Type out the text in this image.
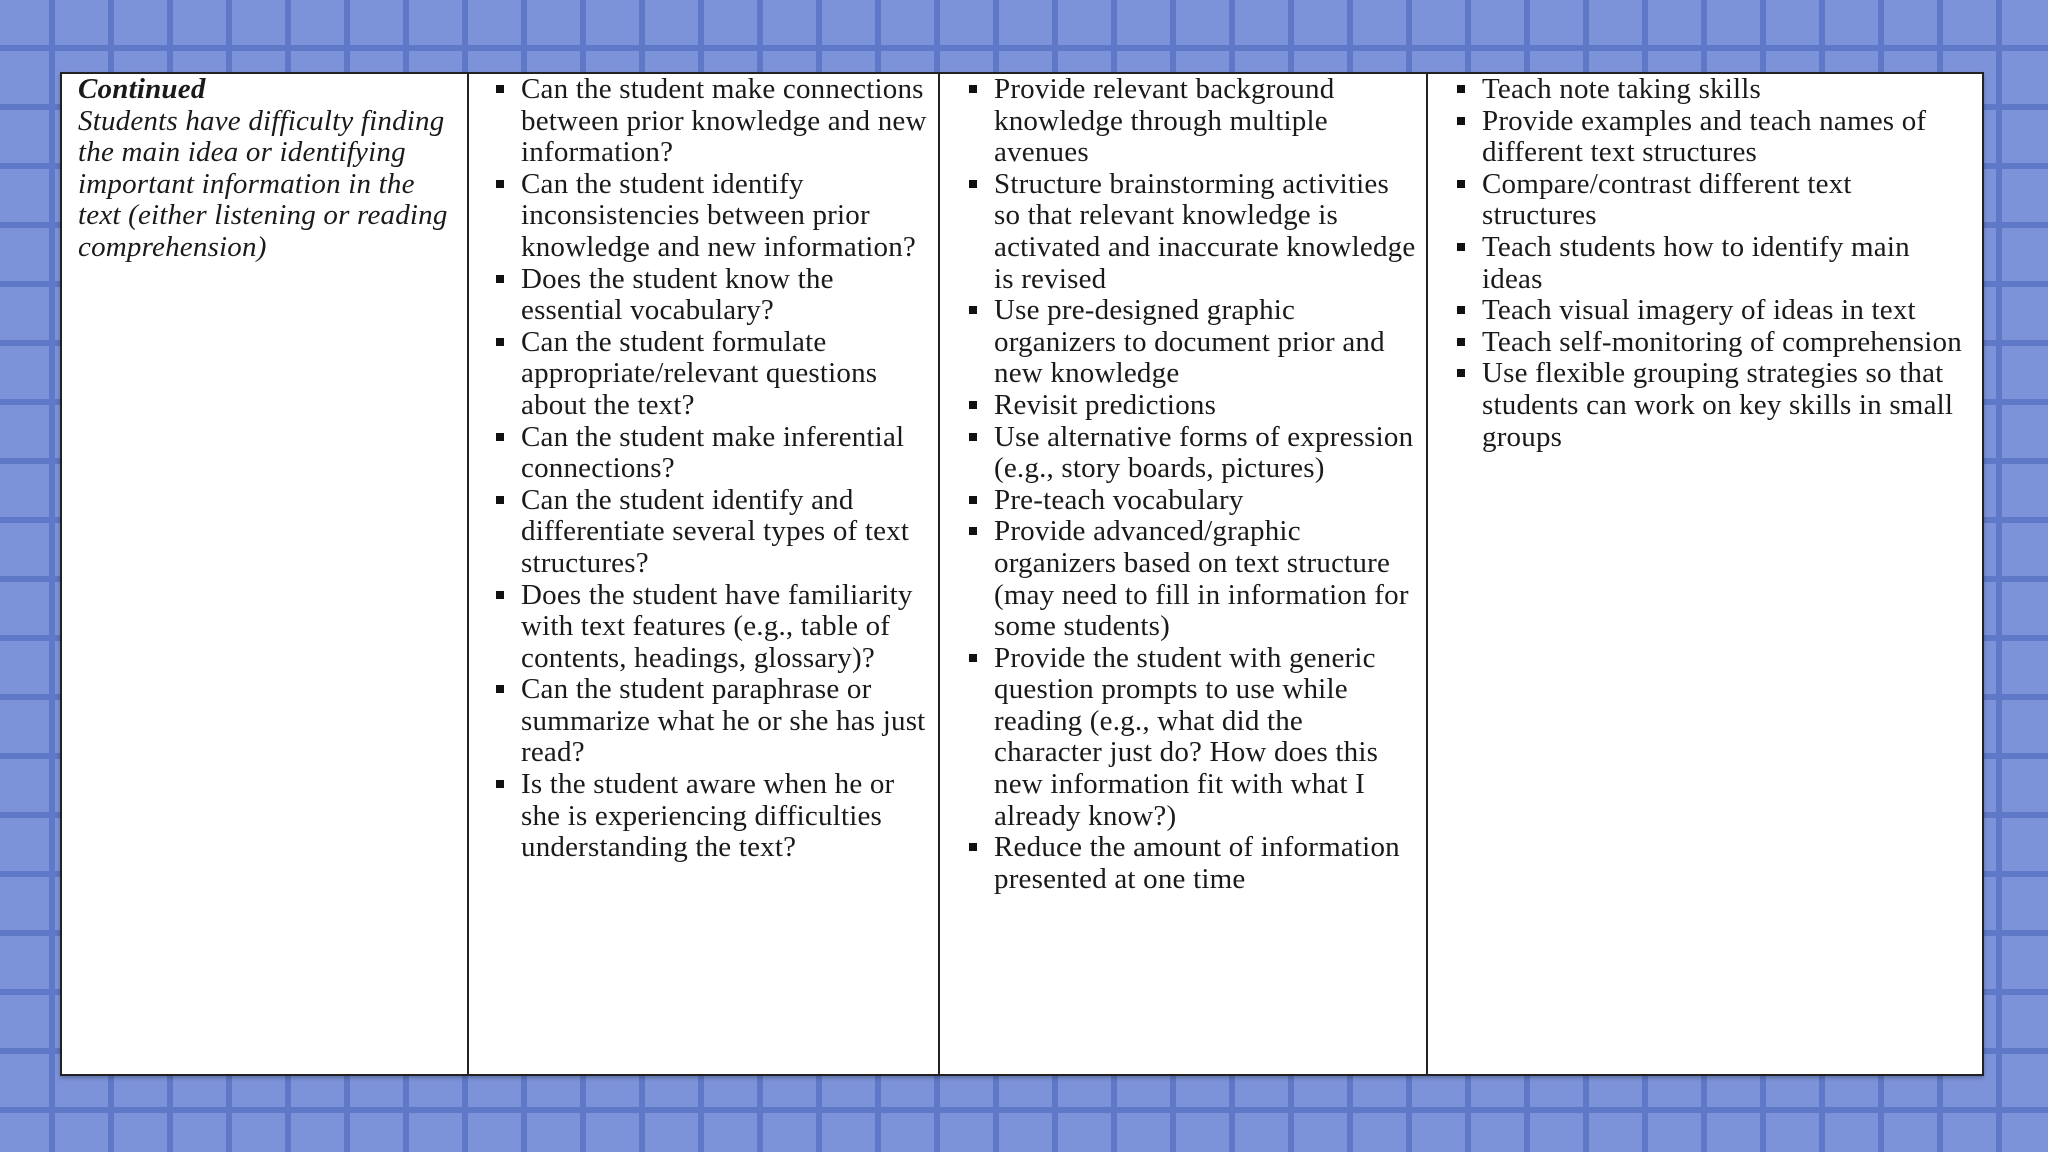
Continued
Students have difficulty finding the main idea or identifying important information in the text (either listening or reading comprehension)
Can the student make connections between prior knowledge and new information?
Can the student identify inconsistencies between prior knowledge and new information?
Does the student know the essential vocabulary?
Can the student formulate appropriate/relevant questions about the text?
Can the student make inferential connections?
Can the student identify and differentiate several types of text structures?
Does the student have familiarity with text features (e.g., table of contents, headings, glossary)?
Can the student paraphrase or summarize what he or she has just read?
Is the student aware when he or she is experiencing difficulties understanding the text?
Provide relevant background knowledge through multiple avenues
Structure brainstorming activities so that relevant knowledge is activated and inaccurate knowledge is revised
Use pre-designed graphic organizers to document prior and new knowledge
Revisit predictions
Use alternative forms of expression (e.g., story boards, pictures)
Pre-teach vocabulary
Provide advanced/graphic organizers based on text structure (may need to fill in information for some students)
Provide the student with generic question prompts to use while reading (e.g., what did the character just do? How does this new information fit with what I already know?)
Reduce the amount of information presented at one time
Teach note taking skills
Provide examples and teach names of different text structures
Compare/contrast different text structures
Teach students how to identify main ideas
Teach visual imagery of ideas in text
Teach self-monitoring of comprehension
Use flexible grouping strategies so that students can work on key skills in small groups
